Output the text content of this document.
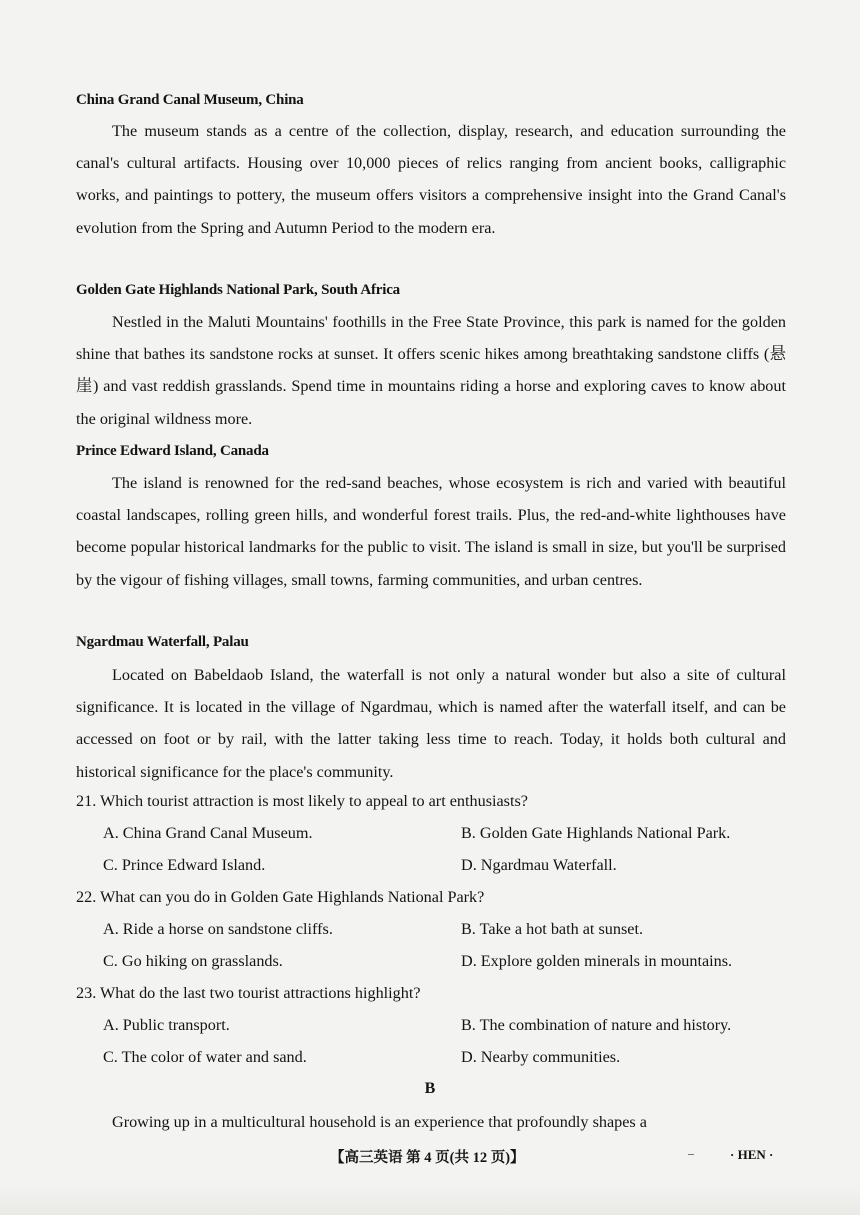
China Grand Canal Museum, China
The museum stands as a centre of the collection, display, research, and education surrounding the canal's cultural artifacts. Housing over 10,000 pieces of relics ranging from ancient books, calligraphic works, and paintings to pottery, the museum offers visitors a comprehensive insight into the Grand Canal's evolution from the Spring and Autumn Period to the modern era.
Golden Gate Highlands National Park, South Africa
Nestled in the Maluti Mountains' foothills in the Free State Province, this park is named for the golden shine that bathes its sandstone rocks at sunset. It offers scenic hikes among breathtaking sandstone cliffs (悬崖) and vast reddish grasslands. Spend time in mountains riding a horse and exploring caves to know about the original wildness more.
Prince Edward Island, Canada
The island is renowned for the red-sand beaches, whose ecosystem is rich and varied with beautiful coastal landscapes, rolling green hills, and wonderful forest trails. Plus, the red-and-white lighthouses have become popular historical landmarks for the public to visit. The island is small in size, but you'll be surprised by the vigour of fishing villages, small towns, farming communities, and urban centres.
Ngardmau Waterfall, Palau
Located on Babeldaob Island, the waterfall is not only a natural wonder but also a site of cultural significance. It is located in the village of Ngardmau, which is named after the waterfall itself, and can be accessed on foot or by rail, with the latter taking less time to reach. Today, it holds both cultural and historical significance for the place's community.
21. Which tourist attraction is most likely to appeal to art enthusiasts?
A. China Grand Canal Museum.	B. Golden Gate Highlands National Park.
C. Prince Edward Island.	D. Ngardmau Waterfall.
22. What can you do in Golden Gate Highlands National Park?
A. Ride a horse on sandstone cliffs.	B. Take a hot bath at sunset.
C. Go hiking on grasslands.	D. Explore golden minerals in mountains.
23. What do the last two tourist attractions highlight?
A. Public transport.	B. The combination of nature and history.
C. The color of water and sand.	D. Nearby communities.
B
Growing up in a multicultural household is an experience that profoundly shapes a
【高三英语 第 4 页(共 12 页)】	· HEN ·
